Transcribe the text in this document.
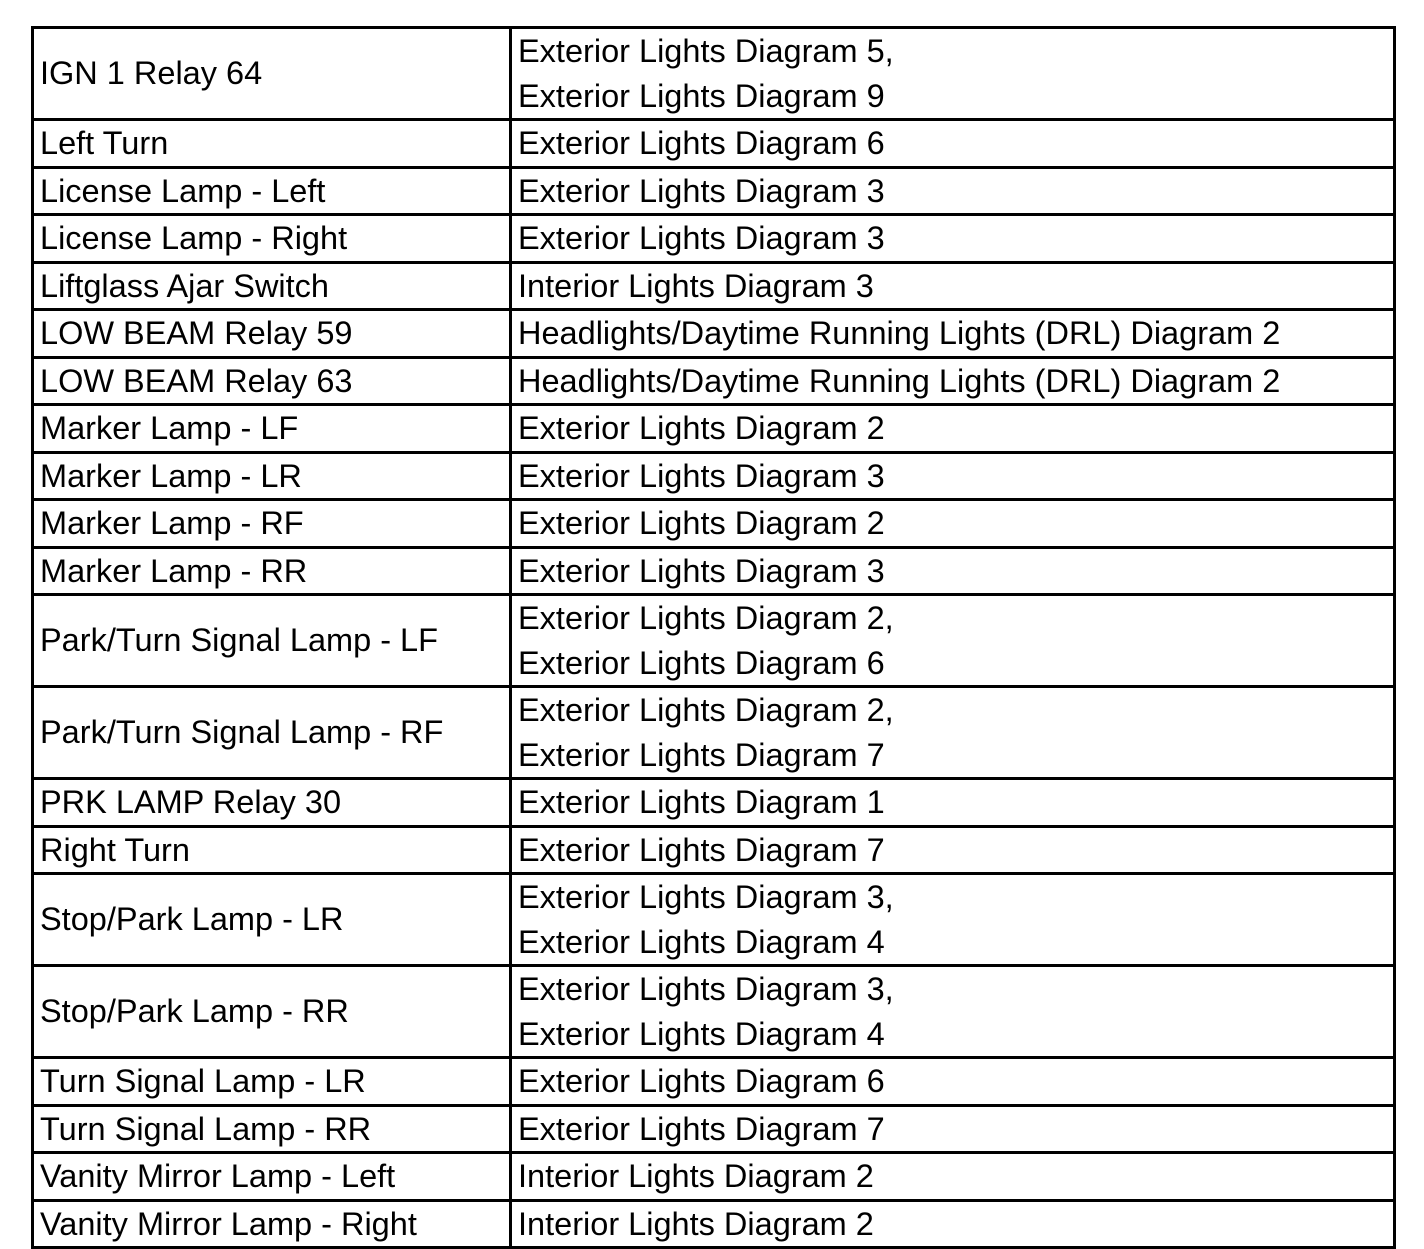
IGN 1 Relay 64	Exterior Lights Diagram 5,
Exterior Lights Diagram 9

Left Turn	Exterior Lights Diagram 6

License Lamp - Left	Exterior Lights Diagram 3

License Lamp - Right	Exterior Lights Diagram 3

Liftglass Ajar Switch	Interior Lights Diagram 3

LOW BEAM Relay 59	Headlights/Daytime Running Lights (DRL) Diagram 2

LOW BEAM Relay 63	Headlights/Daytime Running Lights (DRL) Diagram 2

Marker Lamp - LF	Exterior Lights Diagram 2

Marker Lamp - LR	Exterior Lights Diagram 3

Marker Lamp - RF	Exterior Lights Diagram 2

Marker Lamp - RR	Exterior Lights Diagram 3

Park/Turn Signal Lamp - LF	Exterior Lights Diagram 2,
Exterior Lights Diagram 6

Park/Turn Signal Lamp - RF	Exterior Lights Diagram 2,
Exterior Lights Diagram 7

PRK LAMP Relay 30	Exterior Lights Diagram 1

Right Turn	Exterior Lights Diagram 7

Stop/Park Lamp - LR	Exterior Lights Diagram 3,
Exterior Lights Diagram 4

Stop/Park Lamp - RR	Exterior Lights Diagram 3,
Exterior Lights Diagram 4

Turn Signal Lamp - LR	Exterior Lights Diagram 6

Turn Signal Lamp - RR	Exterior Lights Diagram 7

Vanity Mirror Lamp - Left	Interior Lights Diagram 2

Vanity Mirror Lamp - Right	Interior Lights Diagram 2
